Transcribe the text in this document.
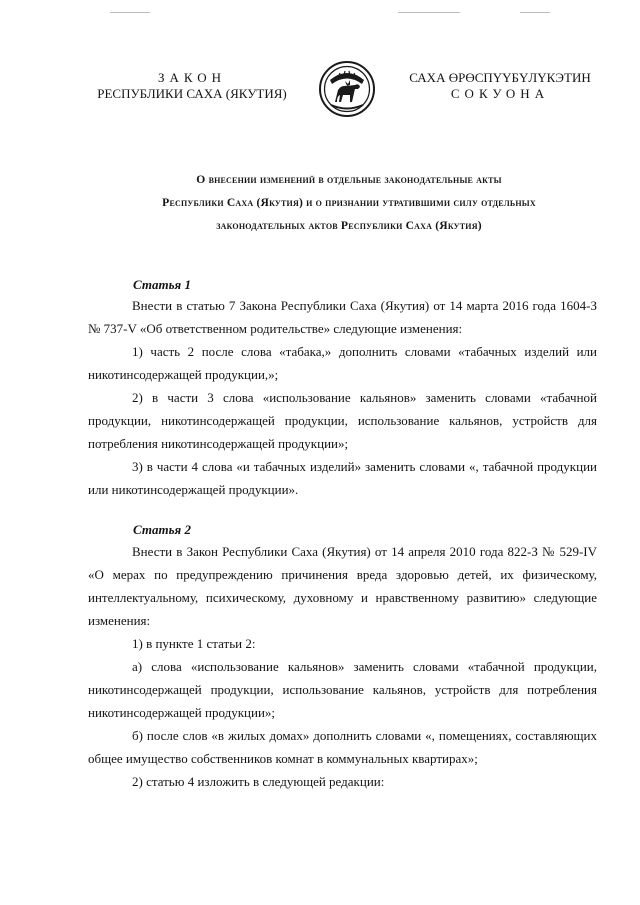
ЗАКОН
РЕСПУБЛИКИ САХА (ЯКУТИЯ)
САХА ӨРӨСПҮҮБҮЛҮКЭТИН
СОКУОНА
О внесении изменений в отдельные законодательные акты
Республики Саха (Якутия) и о признании утратившими силу отдельных
законодательных актов Республики Саха (Якутия)
Статья 1

Внести в статью 7 Закона Республики Саха (Якутия) от 14 марта 2016 года 1604-З № 737-V «Об ответственном родительстве» следующие изменения:

1) часть 2 после слова «табака,» дополнить словами «табачных изделий или никотинсодержащей продукции,»;

2) в части 3 слова «использование кальянов» заменить словами «табачной продукции, никотинсодержащей продукции, использование кальянов, устройств для потребления никотинсодержащей продукции»;

3) в части 4 слова «и табачных изделий» заменить словами «, табачной продукции или никотинсодержащей продукции».

Статья 2

Внести в Закон Республики Саха (Якутия) от 14 апреля 2010 года 822-З № 529-IV «О мерах по предупреждению причинения вреда здоровью детей, их физическому, интеллектуальному, психическому, духовному и нравственному развитию» следующие изменения:

1) в пункте 1 статьи 2:

а) слова «использование кальянов» заменить словами «табачной продукции, никотинсодержащей продукции, использование кальянов, устройств для потребления никотинсодержащей продукции»;

б) после слов «в жилых домах» дополнить словами «, помещениях, составляющих общее имущество собственников комнат в коммунальных квартирах»;

2) статью 4 изложить в следующей редакции:
